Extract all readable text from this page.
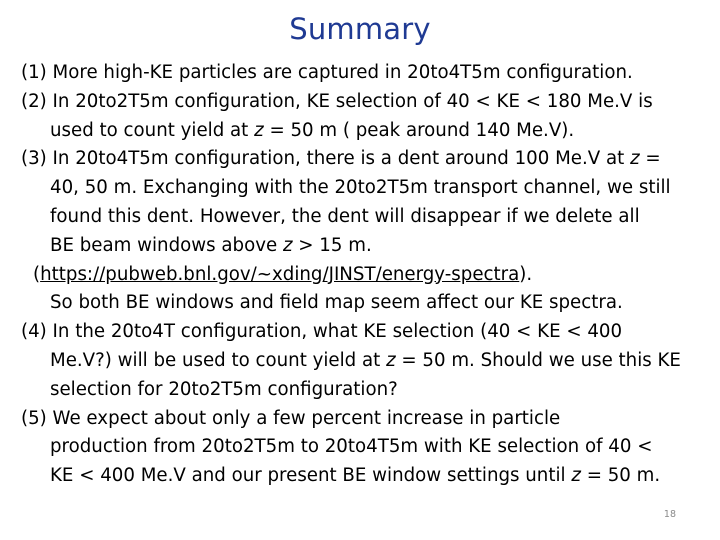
Summary
(1) More high-KE particles are captured in 20to4T5m configuration.
(2) In 20to2T5m configuration, KE selection of 40 < KE < 180 Me.V is
used to count yield at z = 50 m ( peak around 140 Me.V).
(3) In 20to4T5m configuration, there is a dent around 100 Me.V at z =
40, 50 m. Exchanging with the 20to2T5m transport channel, we still
found this dent. However, the dent will disappear if we delete all
BE beam windows above z > 15 m.
(https://pubweb.bnl.gov/~xding/JINST/energy-spectra).
So both BE windows and field map seem affect our KE spectra.
(4) In the 20to4T configuration, what KE selection (40 < KE < 400
Me.V?) will be used to count yield at z = 50 m. Should we use this KE
selection for 20to2T5m configuration?
(5) We expect about only a few percent increase in particle
production from 20to2T5m to 20to4T5m with KE selection of 40 <
KE < 400 Me.V and our present BE window settings until z = 50 m.
18
